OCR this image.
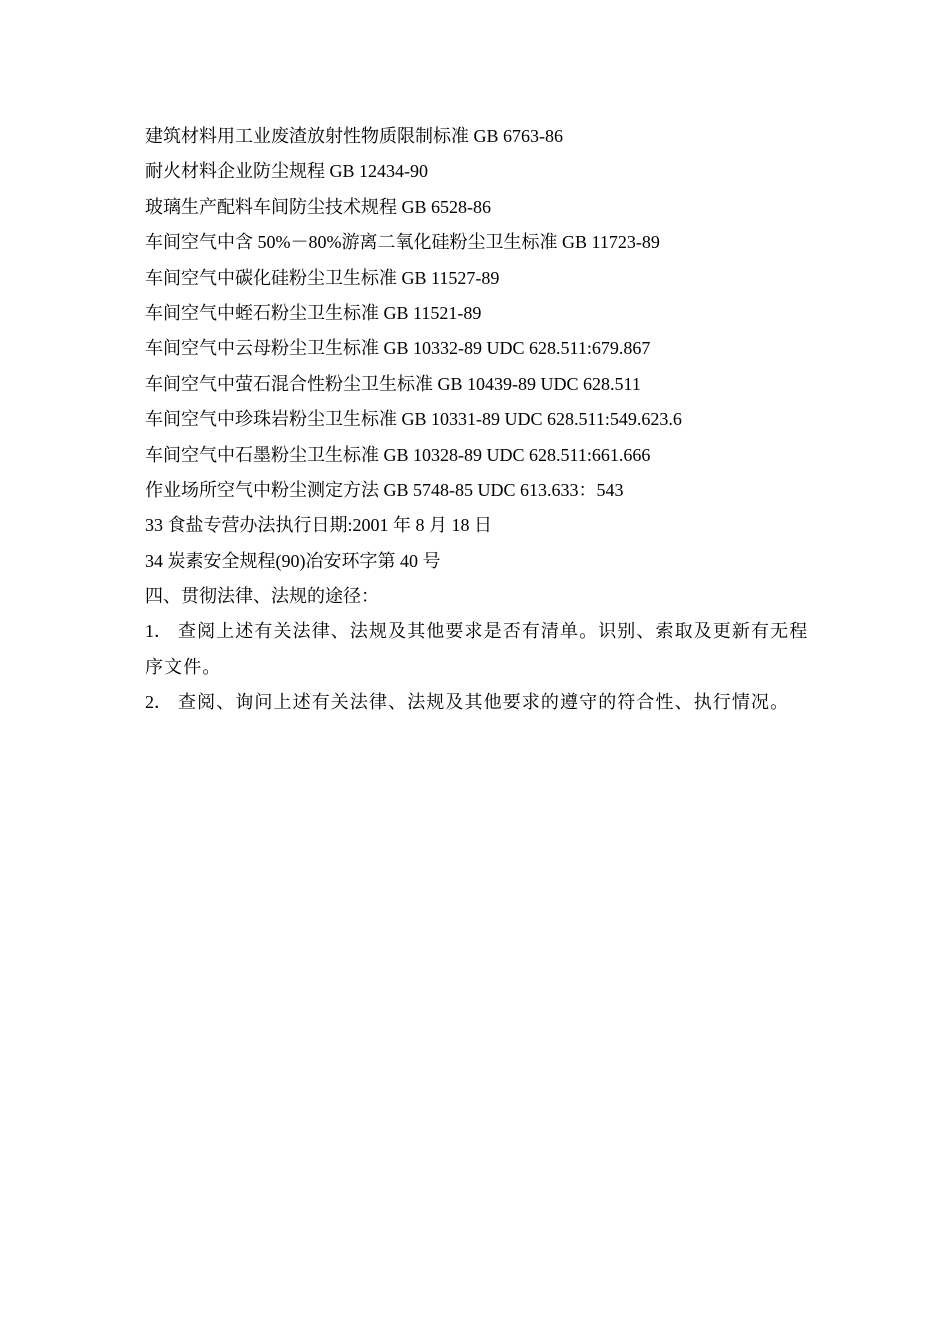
建筑材料用工业废渣放射性物质限制标准 GB 6763-86
耐火材料企业防尘规程 GB 12434-90
玻璃生产配料车间防尘技术规程 GB 6528-86
车间空气中含 50%－80%游离二氧化硅粉尘卫生标准 GB 11723-89
车间空气中碳化硅粉尘卫生标准 GB 11527-89
车间空气中蛭石粉尘卫生标准 GB 11521-89
车间空气中云母粉尘卫生标准 GB 10332-89 UDC 628.511:679.867
车间空气中萤石混合性粉尘卫生标准 GB 10439-89 UDC 628.511
车间空气中珍珠岩粉尘卫生标准 GB 10331-89 UDC 628.511:549.623.6
车间空气中石墨粉尘卫生标准 GB 10328-89 UDC 628.511:661.666
作业场所空气中粉尘测定方法 GB 5748-85 UDC 613.633：543
33 食盐专营办法执行日期:2001 年 8 月 18 日
34 炭素安全规程(90)冶安环字第 40 号
四、贯彻法律、法规的途径：
1． 查阅上述有关法律、法规及其他要求是否有清单。识别、索取及更新有无程序文件。
2． 查阅、询问上述有关法律、法规及其他要求的遵守的符合性、执行情况。
